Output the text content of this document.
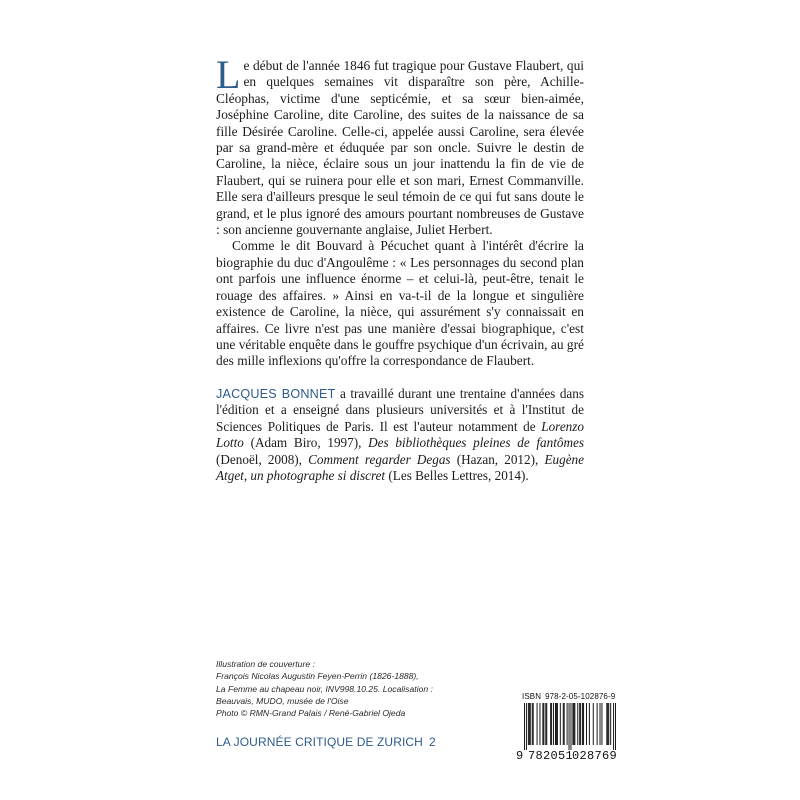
Le début de l'année 1846 fut tragique pour Gustave Flaubert, qui en quelques semaines vit disparaître son père, Achille-Cléophas, victime d'une septicémie, et sa sœur bien-aimée, Joséphine Caroline, dite Caroline, des suites de la naissance de sa fille Désirée Caroline. Celle-ci, appelée aussi Caroline, sera élevée par sa grand-mère et éduquée par son oncle. Suivre le destin de Caroline, la nièce, éclaire sous un jour inattendu la fin de vie de Flaubert, qui se ruinera pour elle et son mari, Ernest Commanville. Elle sera d'ailleurs presque le seul témoin de ce qui fut sans doute le grand, et le plus ignoré des amours pourtant nombreuses de Gustave : son ancienne gouvernante anglaise, Juliet Herbert.

Comme le dit Bouvard à Pécuchet quant à l'intérêt d'écrire la biographie du duc d'Angoulême : « Les personnages du second plan ont parfois une influence énorme – et celui-là, peut-être, tenait le rouage des affaires. » Ainsi en va-t-il de la longue et singulière existence de Caroline, la nièce, qui assurément s'y connaissait en affaires. Ce livre n'est pas une manière d'essai biographique, c'est une véritable enquête dans le gouffre psychique d'un écrivain, au gré des mille inflexions qu'offre la correspondance de Flaubert.

JACQUES BONNET a travaillé durant une trentaine d'années dans l'édition et a enseigné dans plusieurs universités et à l'Institut de Sciences Politiques de Paris. Il est l'auteur notamment de Lorenzo Lotto (Adam Biro, 1997), Des bibliothèques pleines de fantômes (Denoël, 2008), Comment regarder Degas (Hazan, 2012), Eugène Atget, un photographe si discret (Les Belles Lettres, 2014).

Illustration de couverture :
François Nicolas Augustin Feyen-Perrin (1826-1888),
La Femme au chapeau noir, INV998.10.25. Localisation :
Beauvais, MUDO, musée de l'Oise
Photo © RMN-Grand Palais / René-Gabriel Ojeda
LA JOURNÉE CRITIQUE DE ZURICH 2
ISBN 978-2-05-102876-9
9 782051
028769
